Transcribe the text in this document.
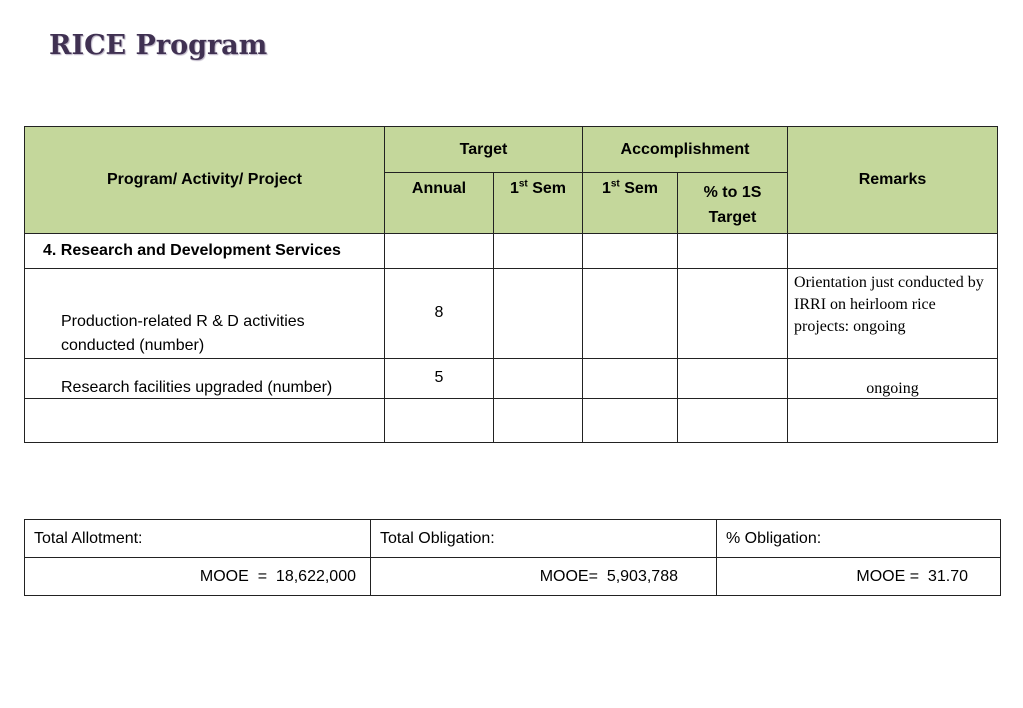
RICE Program
Program/ Activity/ Project	Target		Accomplishment		Remarks
	Annual	1st Sem	1st Sem	% to 1S Target	
4. Research and Development Services					
Production-related R & D activities conducted (number)	8				Orientation just conducted by IRRI on heirloom rice projects: ongoing
Research facilities upgraded (number)	5				ongoing

Total Allotment:	Total Obligation:	% Obligation:
MOOE  =  18,622,000	MOOE=  5,903,788	MOOE =  31.70
